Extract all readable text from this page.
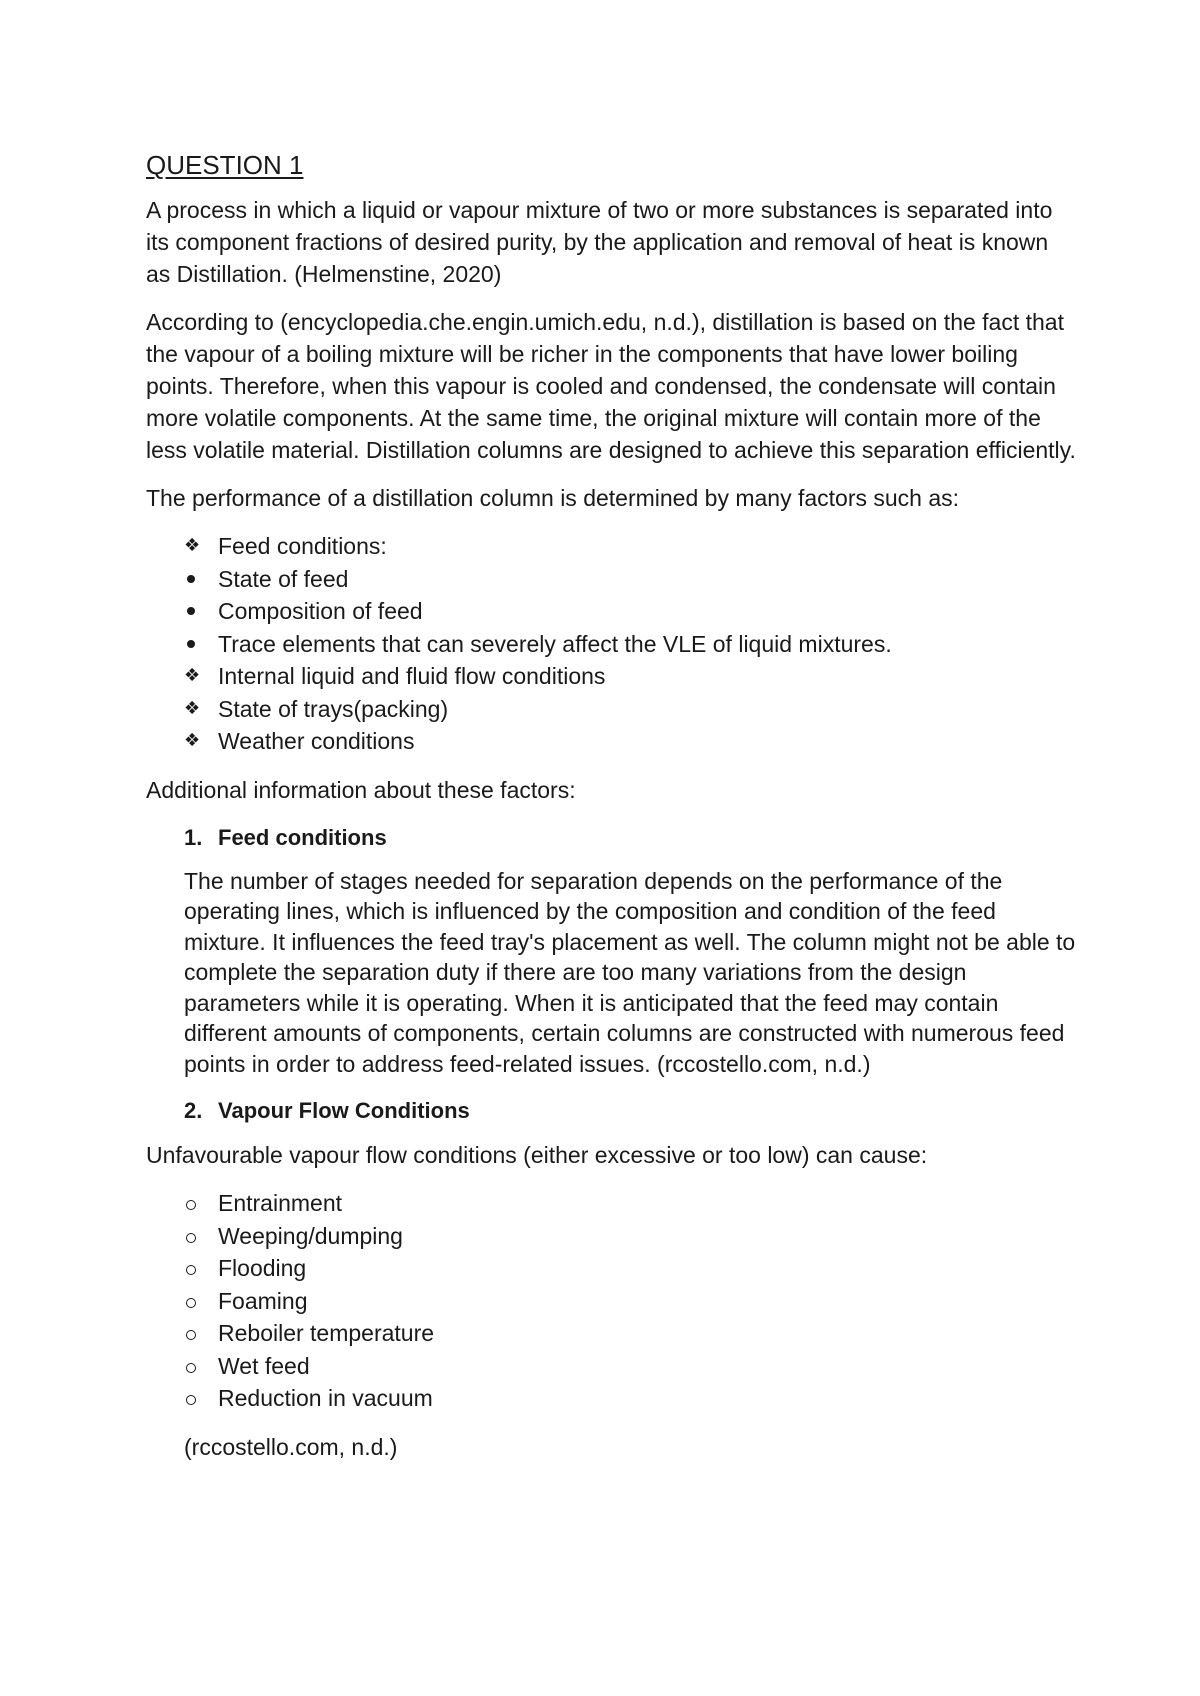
QUESTION 1

A process in which a liquid or vapour mixture of two or more substances is separated into its component fractions of desired purity, by the application and removal of heat is known as Distillation. (Helmenstine, 2020)

According to (encyclopedia.che.engin.umich.edu, n.d.), distillation is based on the fact that the vapour of a boiling mixture will be richer in the components that have lower boiling points. Therefore, when this vapour is cooled and condensed, the condensate will contain more volatile components. At the same time, the original mixture will contain more of the less volatile material. Distillation columns are designed to achieve this separation efficiently.

The performance of a distillation column is determined by many factors such as:

❖ Feed conditions:
State of feed
Composition of feed
Trace elements that can severely affect the VLE of liquid mixtures.
❖ Internal liquid and fluid flow conditions
❖ State of trays(packing)
❖ Weather conditions

Additional information about these factors:

1. Feed conditions

The number of stages needed for separation depends on the performance of the operating lines, which is influenced by the composition and condition of the feed mixture. It influences the feed tray's placement as well. The column might not be able to complete the separation duty if there are too many variations from the design parameters while it is operating. When it is anticipated that the feed may contain different amounts of components, certain columns are constructed with numerous feed points in order to address feed-related issues. (rccostello.com, n.d.)

2. Vapour Flow Conditions

Unfavourable vapour flow conditions (either excessive or too low) can cause:

Entrainment
Weeping/dumping
Flooding
Foaming
Reboiler temperature
Wet feed
Reduction in vacuum

(rccostello.com, n.d.)
